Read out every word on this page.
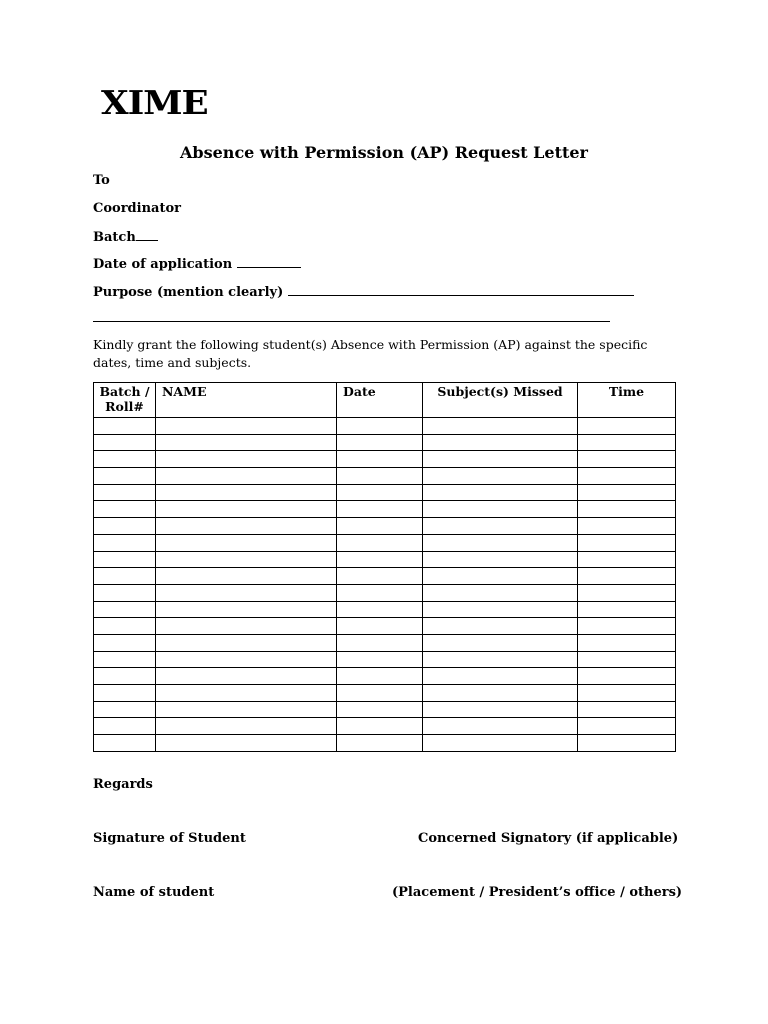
XIME
Absence with Permission (AP) Request Letter
To
Coordinator
Batch
Date of application
Purpose (mention clearly)
Kindly grant the following student(s) Absence with Permission (AP) against the specific dates, time and subjects.
Batch / Roll#	NAME	Date	Subject(s) Missed	Time

Regards
Signature of Student	Concerned Signatory (if applicable)
Name of student	(Placement / President’s office / others)
